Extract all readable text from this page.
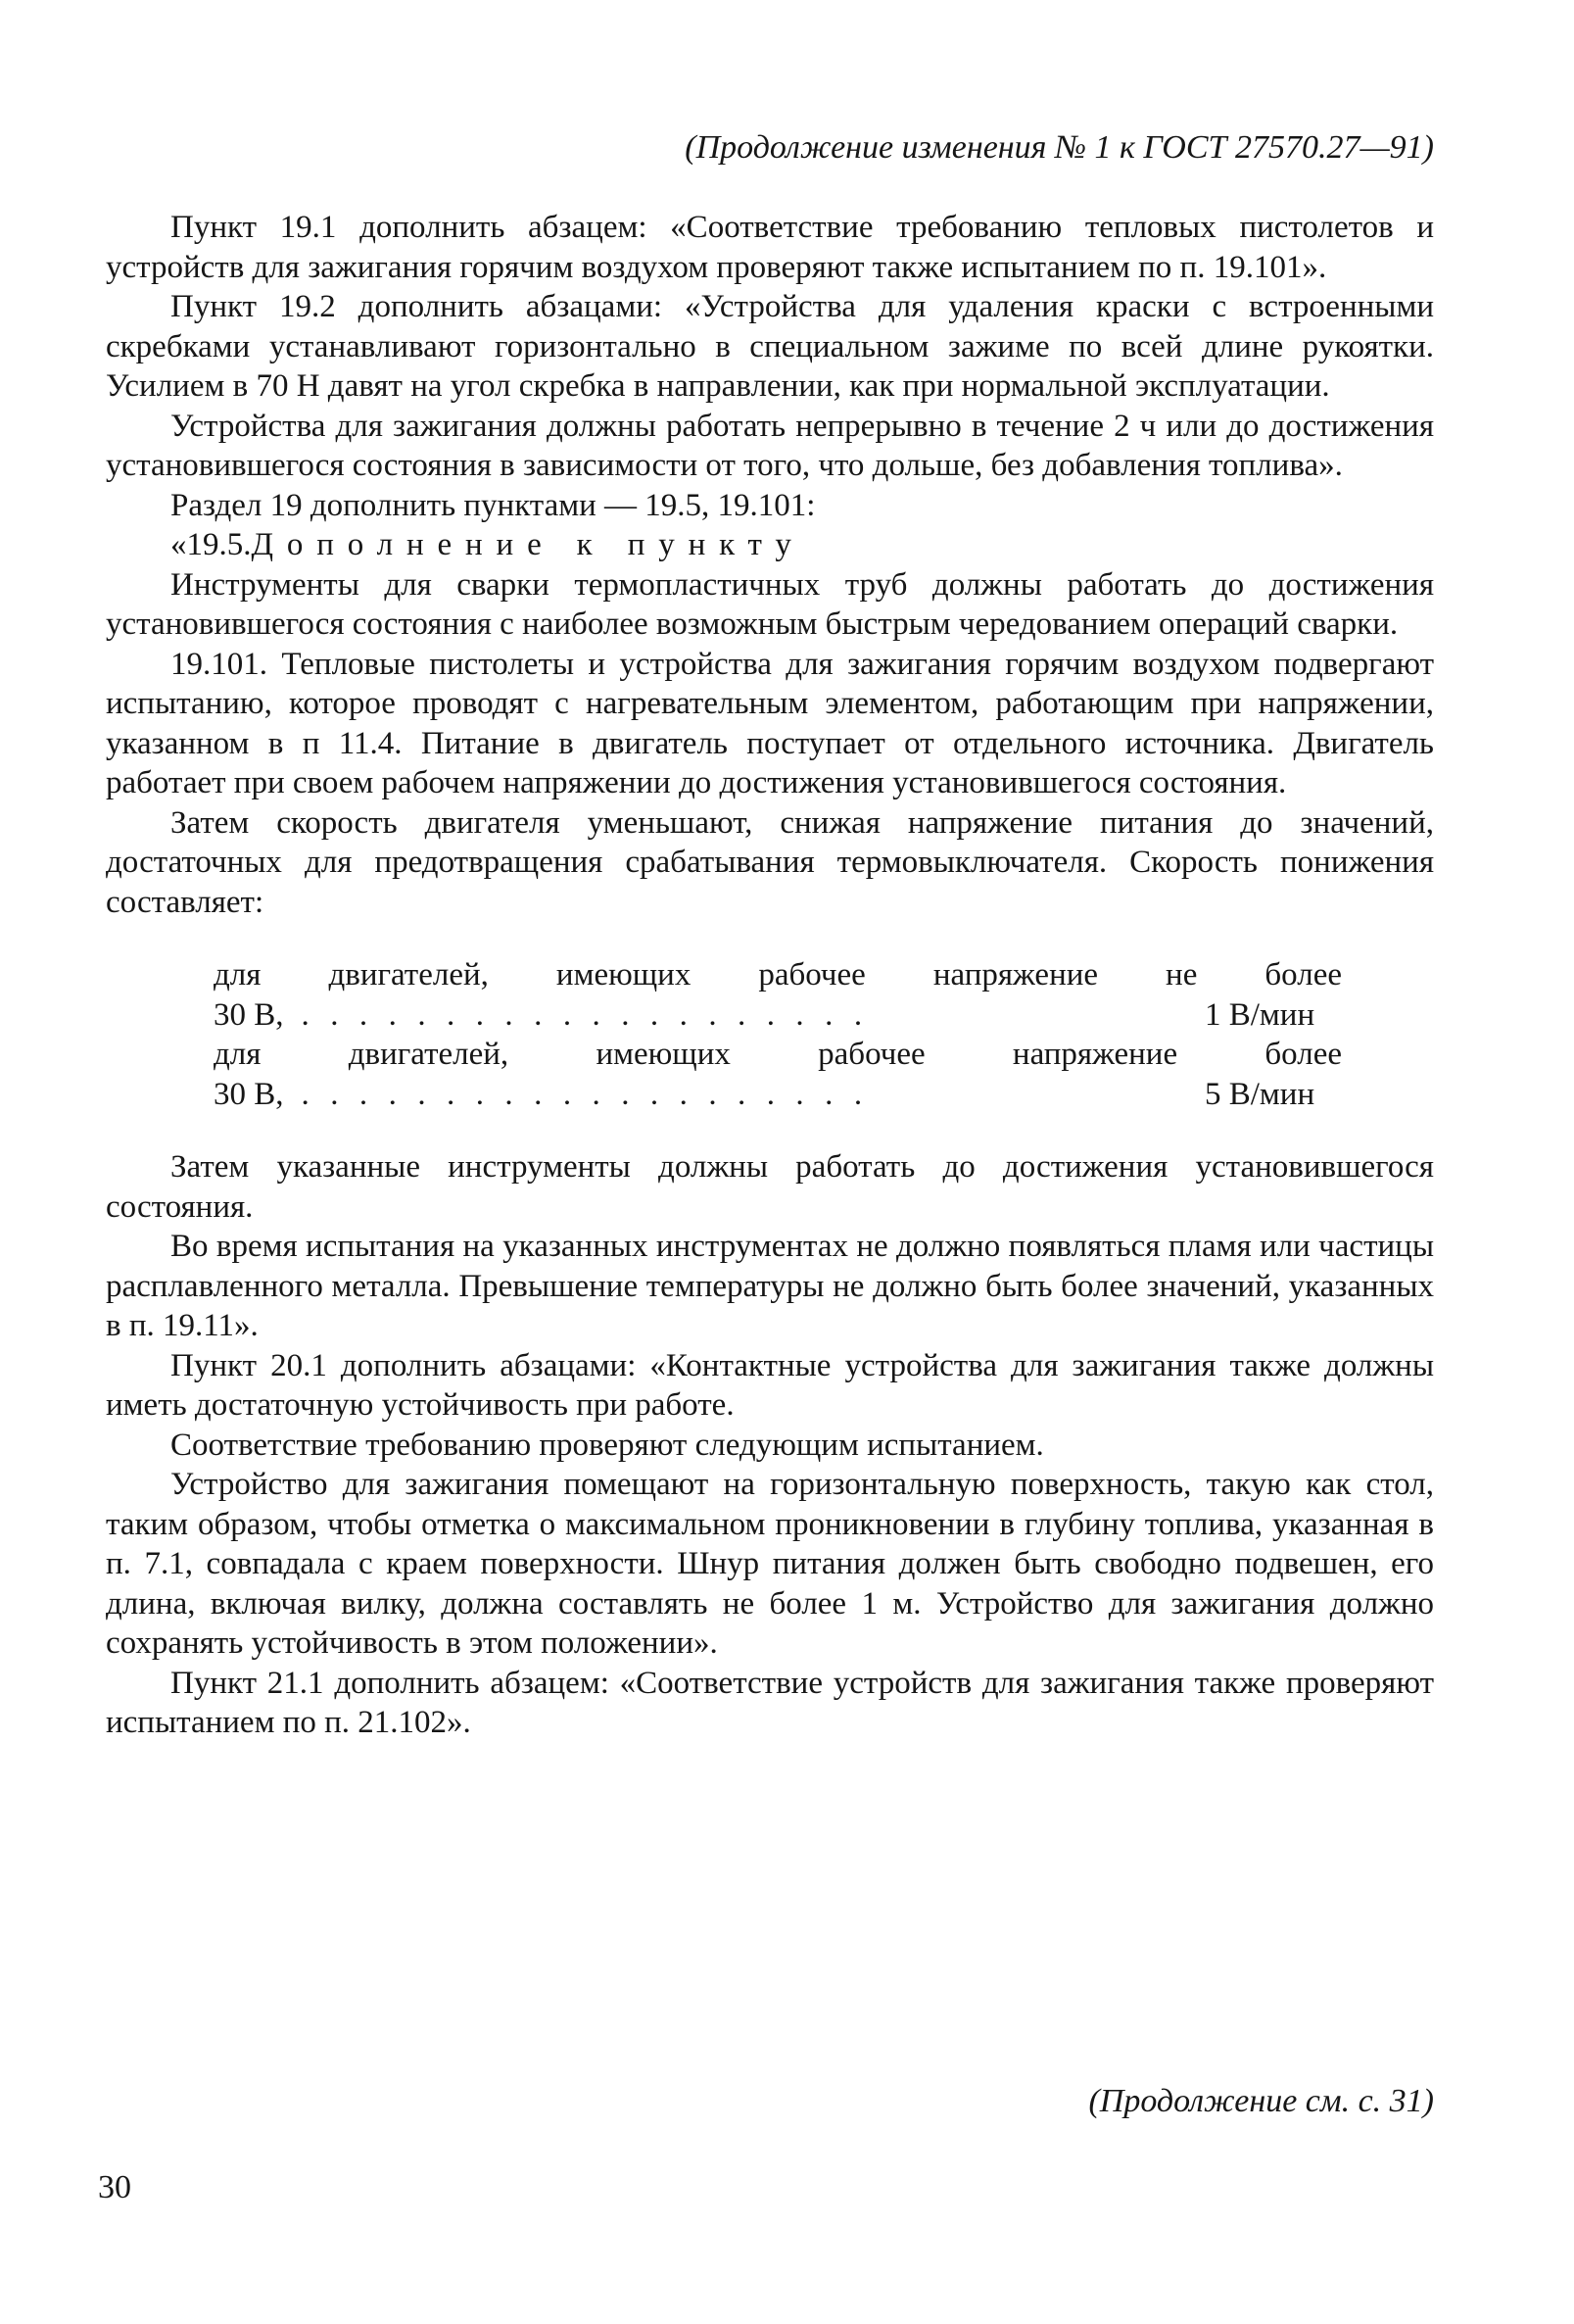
(Продолжение изменения № 1 к ГОСТ 27570.27—91)

Пункт 19.1 дополнить абзацем: «Соответствие требованию тепловых пистолетов и устройств для зажигания горячим воздухом проверяют также испытанием по п. 19.101».

Пункт 19.2 дополнить абзацами: «Устройства для удаления краски с встроенными скребками устанавливают горизонтально в специальном зажиме по всей длине рукоятки. Усилием в 70 Н давят на угол скребка в направлении, как при нормальной эксплуатации.

Устройства для зажигания должны работать непрерывно в течение 2 ч или до достижения установившегося состояния в зависимости от того, что дольше, без добавления топлива».

Раздел 19 дополнить пунктами — 19.5, 19.101:

«19.5.Дополнение к пункту

Инструменты для сварки термопластичных труб должны работать до достижения установившегося состояния с наиболее возможным быстрым чередованием операций сварки.

19.101. Тепловые пистолеты и устройства для зажигания горячим воздухом подвергают испытанию, которое проводят с нагревательным элементом, работающим при напряжении, указанном в п 11.4. Питание в двигатель поступает от отдельного источника. Двигатель работает при своем рабочем напряжении до достижения установившегося состояния.

Затем скорость двигателя уменьшают, снижая напряжение питания до значений, достаточных для предотвращения срабатывания термовыключателя. Скорость понижения составляет:

для двигателей, имеющих рабочее напряжение не более
30 В, . . . . . . . . . . . . . . . . . . . .	1 В/мин
для двигателей, имеющих рабочее напряжение более
30 В, . . . . . . . . . . . . . . . . . . . .	5 В/мин

Затем указанные инструменты должны работать до достижения установившегося состояния.

Во время испытания на указанных инструментах не должно появляться пламя или частицы расплавленного металла. Превышение температуры не должно быть более значений, указанных в п. 19.11».

Пункт 20.1 дополнить абзацами: «Контактные устройства для зажигания также должны иметь достаточную устойчивость при работе.

Соответствие требованию проверяют следующим испытанием.

Устройство для зажигания помещают на горизонтальную поверхность, такую как стол, таким образом, чтобы отметка о максимальном проникновении в глубину топлива, указанная в п. 7.1, совпадала с краем поверхности. Шнур питания должен быть свободно подвешен, его длина, включая вилку, должна составлять не более 1 м. Устройство для зажигания должно сохранять устойчивость в этом положении».

Пункт 21.1 дополнить абзацем: «Соответствие устройств для зажигания также проверяют испытанием по п. 21.102».

(Продолжение см. с. 31)
30
